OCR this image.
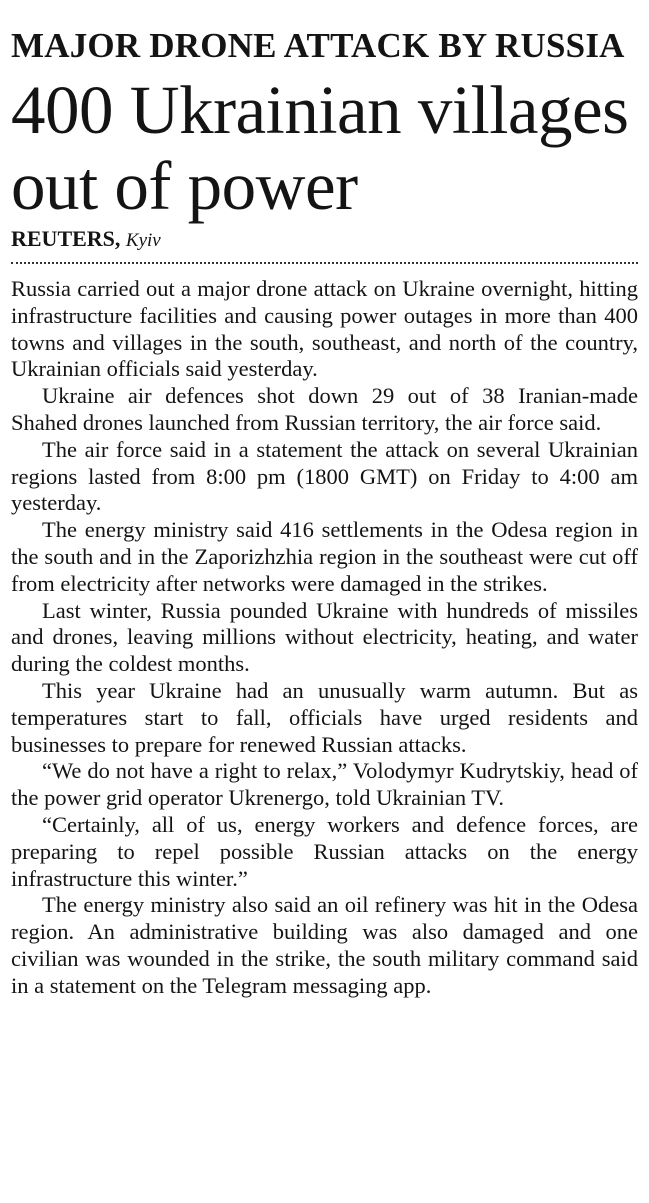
MAJOR DRONE ATTACK BY RUSSIA
400 Ukrainian villages out of power
REUTERS, Kyiv

Russia carried out a major drone attack on Ukraine overnight, hitting infrastructure facilities and causing power outages in more than 400 towns and villages in the south, southeast, and north of the country, Ukrainian officials said yesterday.

Ukraine air defences shot down 29 out of 38 Iranian-made Shahed drones launched from Russian territory, the air force said.

The air force said in a statement the attack on several Ukrainian regions lasted from 8:00 pm (1800 GMT) on Friday to 4:00 am yesterday.

The energy ministry said 416 settlements in the Odesa region in the south and in the Zaporizhzhia region in the southeast were cut off from electricity after networks were damaged in the strikes.

Last winter, Russia pounded Ukraine with hundreds of missiles and drones, leaving millions without electricity, heating, and water during the coldest months.

This year Ukraine had an unusually warm autumn. But as temperatures start to fall, officials have urged residents and businesses to prepare for renewed Russian attacks.

“We do not have a right to relax,” Volodymyr Kudrytskiy, head of the power grid operator Ukrenergo, told Ukrainian TV.

“Certainly, all of us, energy workers and defence forces, are preparing to repel possible Russian attacks on the energy infrastructure this winter.”

The energy ministry also said an oil refinery was hit in the Odesa region. An administrative building was also damaged and one civilian was wounded in the strike, the south military command said in a statement on the Telegram messaging app.
